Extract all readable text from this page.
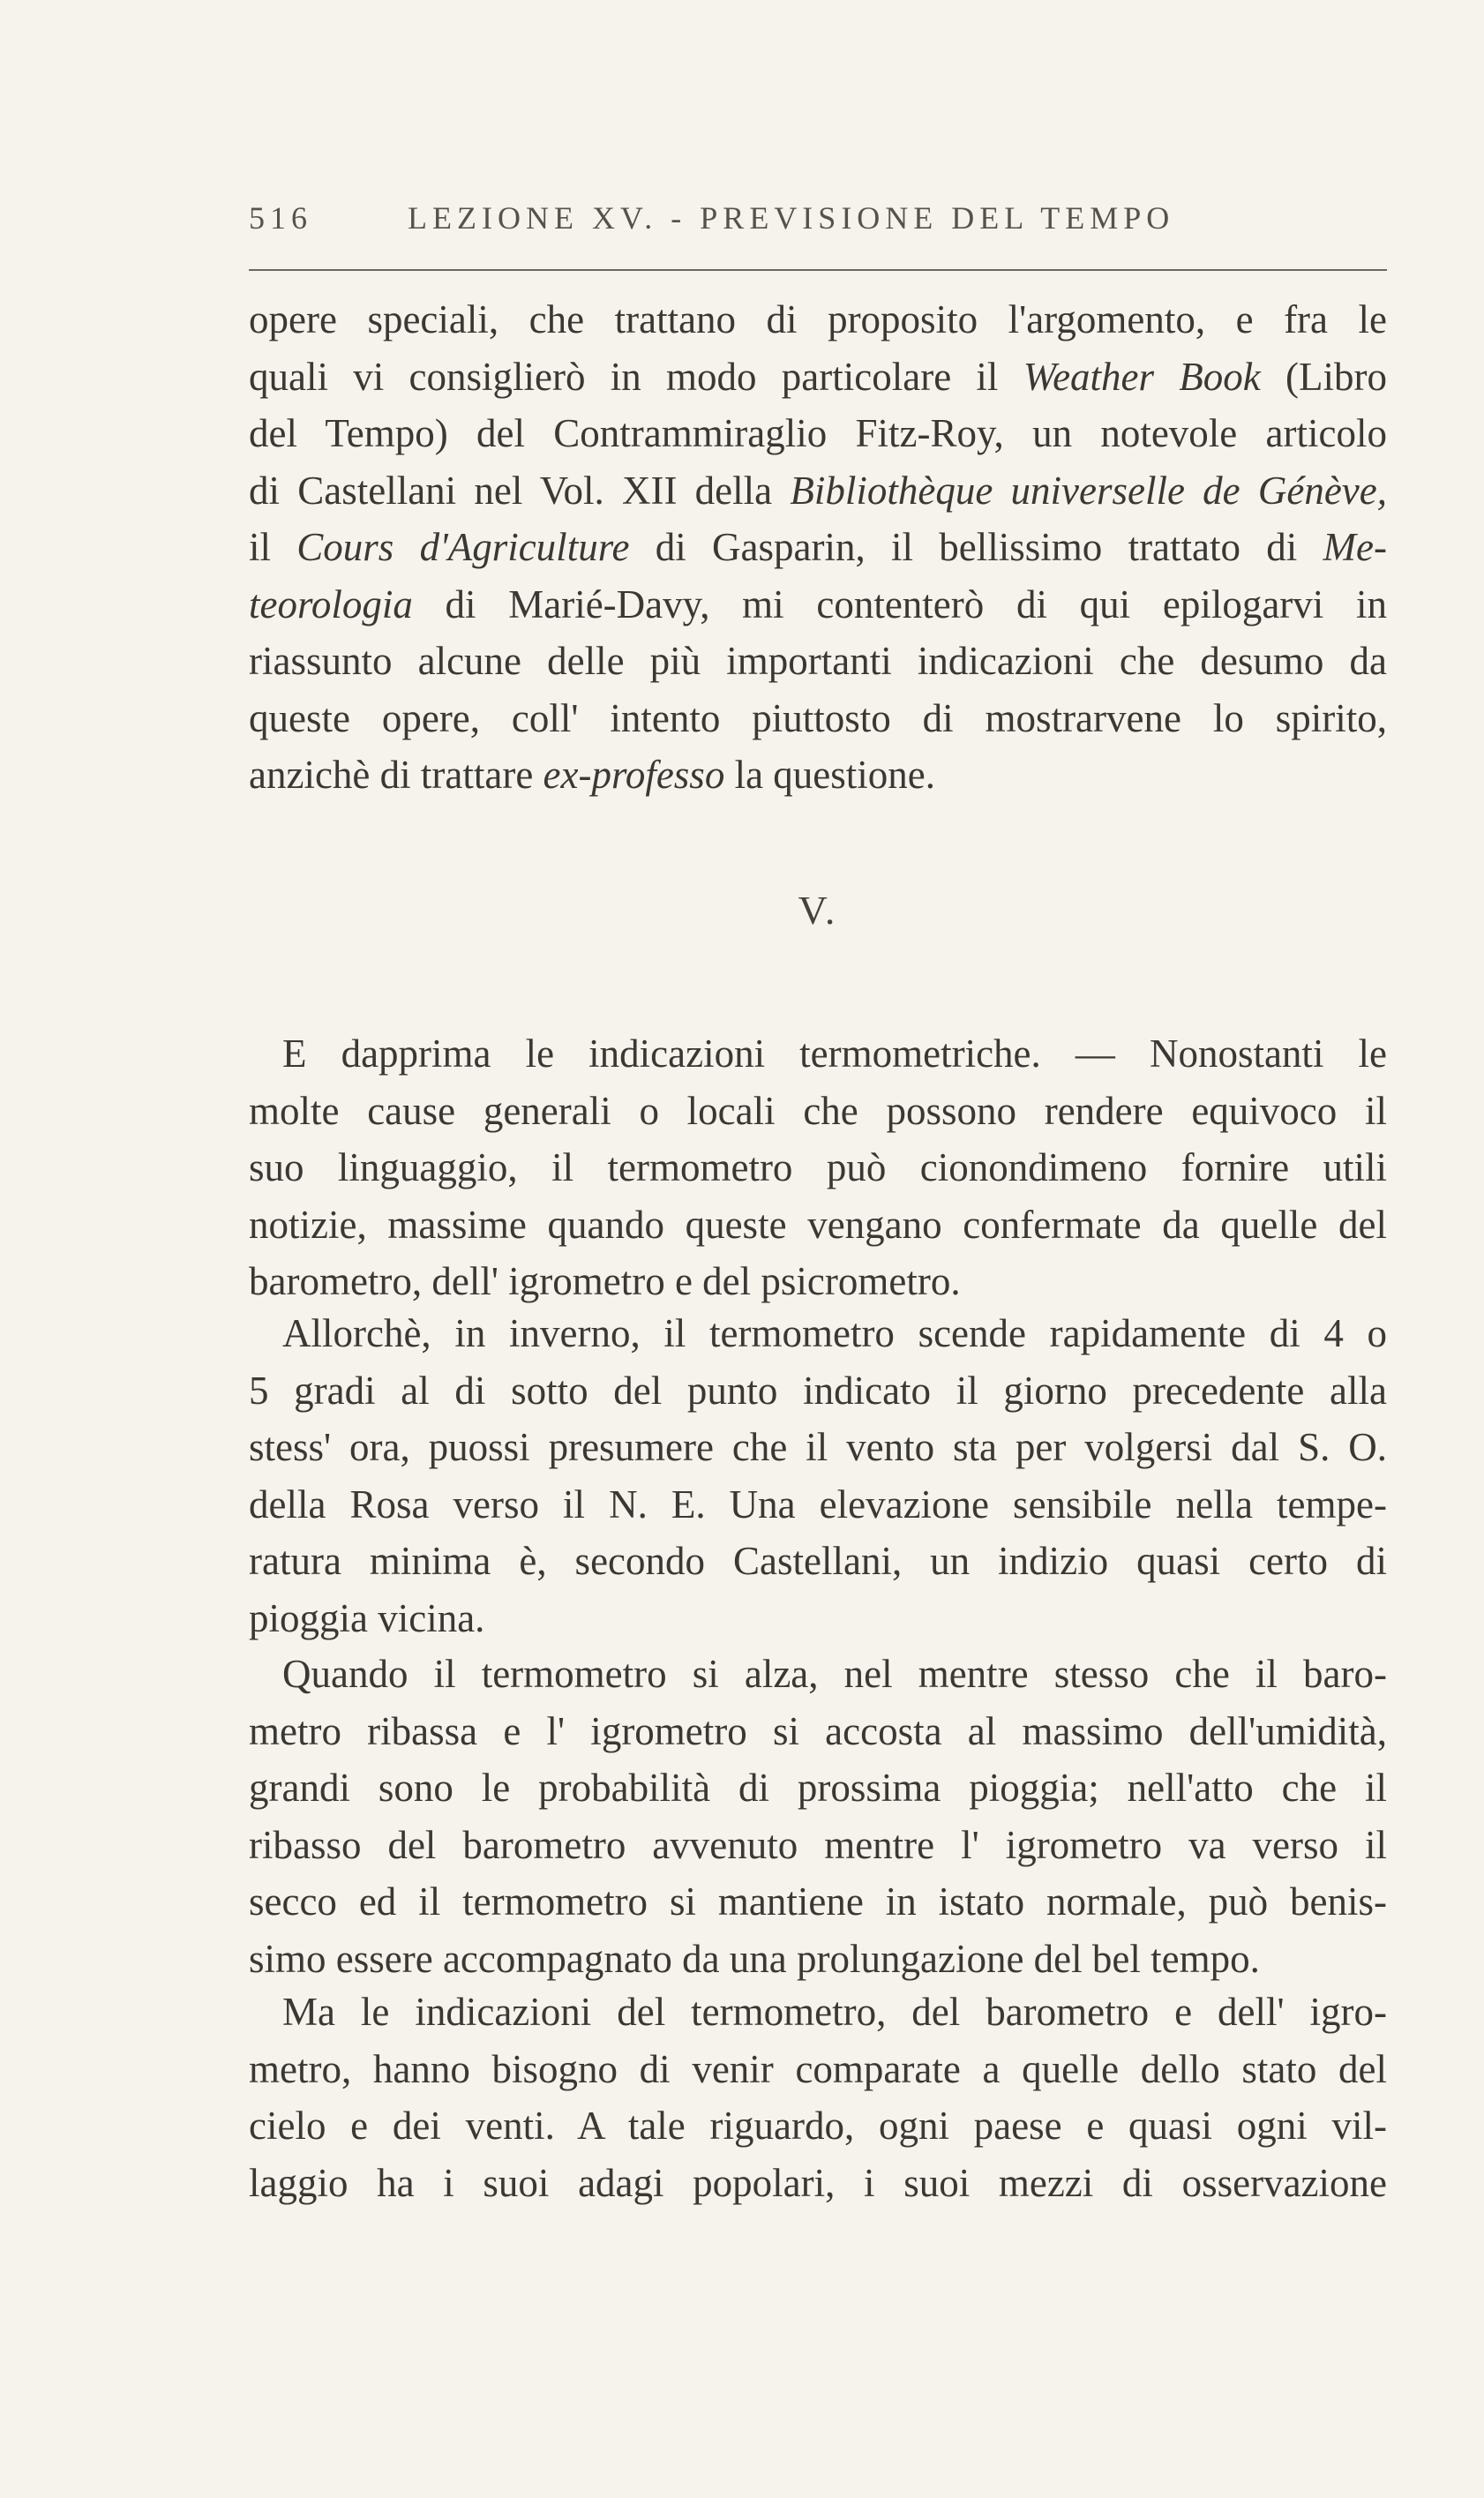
516	LEZIONE XV. - PREVISIONE DEL TEMPO
opere speciali, che trattano di proposito l'argomento, e fra le
quali vi consiglierò in modo particolare il Weather Book (Libro
del Tempo) del Contrammiraglio Fitz-Roy, un notevole articolo
di Castellani nel Vol. XII della Bibliothèque universelle de Génève,
il Cours d'Agriculture di Gasparin, il bellissimo trattato di Me-
teorologia di Marié-Davy, mi contenterò di qui epilogarvi in
riassunto alcune delle più importanti indicazioni che desumo da
queste opere, coll' intento piuttosto di mostrarvene lo spirito,
anzichè di trattare ex-professo la questione.
V.
E dapprima le indicazioni termometriche. — Nonostanti le
molte cause generali o locali che possono rendere equivoco il
suo linguaggio, il termometro può cionondimeno fornire utili
notizie, massime quando queste vengano confermate da quelle del
barometro, dell' igrometro e del psicrometro.
Allorchè, in inverno, il termometro scende rapidamente di 4 o
5 gradi al di sotto del punto indicato il giorno precedente alla
stess' ora, puossi presumere che il vento sta per volgersi dal S. O.
della Rosa verso il N. E. Una elevazione sensibile nella tempe-
ratura minima è, secondo Castellani, un indizio quasi certo di
pioggia vicina.
Quando il termometro si alza, nel mentre stesso che il baro-
metro ribassa e l' igrometro si accosta al massimo dell'umidità,
grandi sono le probabilità di prossima pioggia; nell'atto che il
ribasso del barometro avvenuto mentre l' igrometro va verso il
secco ed il termometro si mantiene in istato normale, può benis-
simo essere accompagnato da una prolungazione del bel tempo.
Ma le indicazioni del termometro, del barometro e dell' igro-
metro, hanno bisogno di venir comparate a quelle dello stato del
cielo e dei venti. A tale riguardo, ogni paese e quasi ogni vil-
laggio ha i suoi adagi popolari, i suoi mezzi di osservazione
